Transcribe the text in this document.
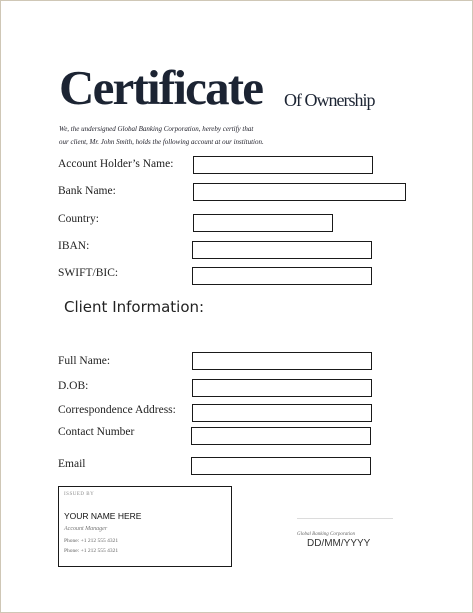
Certificate Of Ownership
We, the undersigned Global Banking Corporation, hereby certify that
our client, Mr. John Smith, holds the following account at our institution.
Account Holder’s Name:
Bank Name:
Country:
IBAN:
SWIFT/BIC:
Client Information:
Full Name:
D.OB:
Correspondence Address:
Contact Number
Email
ISSUED BY
YOUR NAME HERE
Account Manager
Phone: +1 212 555 4321
Phone: +1 212 555 4321
Global Banking Corporation
DD/MM/YYYY
